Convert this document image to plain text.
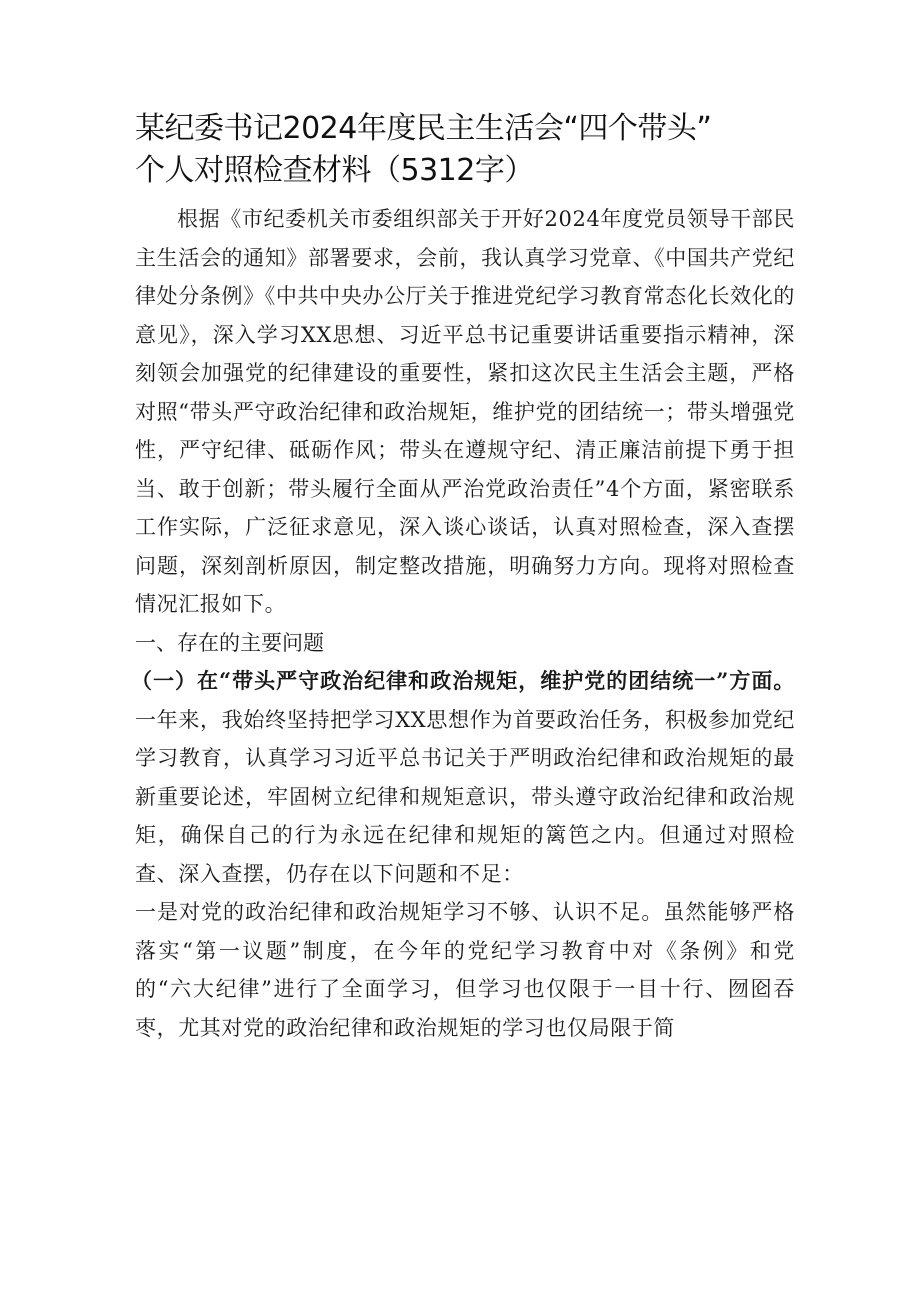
某纪委书记2024年度民主生活会“四个带头”
个人对照检查材料（5312字）

根据《市纪委机关市委组织部关于开好2024年度党员领导干部民主生活会的通知》部署要求，会前，我认真学习党章、《中国共产党纪律处分条例》《中共中央办公厅关于推进党纪学习教育常态化长效化的意见》，深入学习XX思想、习近平总书记重要讲话重要指示精神，深刻领会加强党的纪律建设的重要性，紧扣这次民主生活会主题，严格对照“带头严守政治纪律和政治规矩，维护党的团结统一；带头增强党性，严守纪律、砥砺作风；带头在遵规守纪、清正廉洁前提下勇于担当、敢于创新；带头履行全面从严治党政治责任”4个方面，紧密联系工作实际，广泛征求意见，深入谈心谈话，认真对照检查，深入查摆问题，深刻剖析原因，制定整改措施，明确努力方向。现将对照检查情况汇报如下。

一、存在的主要问题

（一）在“带头严守政治纪律和政治规矩，维护党的团结统一”方面。一年来，我始终坚持把学习XX思想作为首要政治任务，积极参加党纪学习教育，认真学习习近平总书记关于严明政治纪律和政治规矩的最新重要论述，牢固树立纪律和规矩意识，带头遵守政治纪律和政治规矩，确保自己的行为永远在纪律和规矩的篱笆之内。但通过对照检查、深入查摆，仍存在以下问题和不足：

一是对党的政治纪律和政治规矩学习不够、认识不足。虽然能够严格落实“第一议题”制度，在今年的党纪学习教育中对《条例》和党的“六大纪律”进行了全面学习，但学习也仅限于一目十行、囫囵吞枣，尤其对党的政治纪律和政治规矩的学习也仅局限于简
